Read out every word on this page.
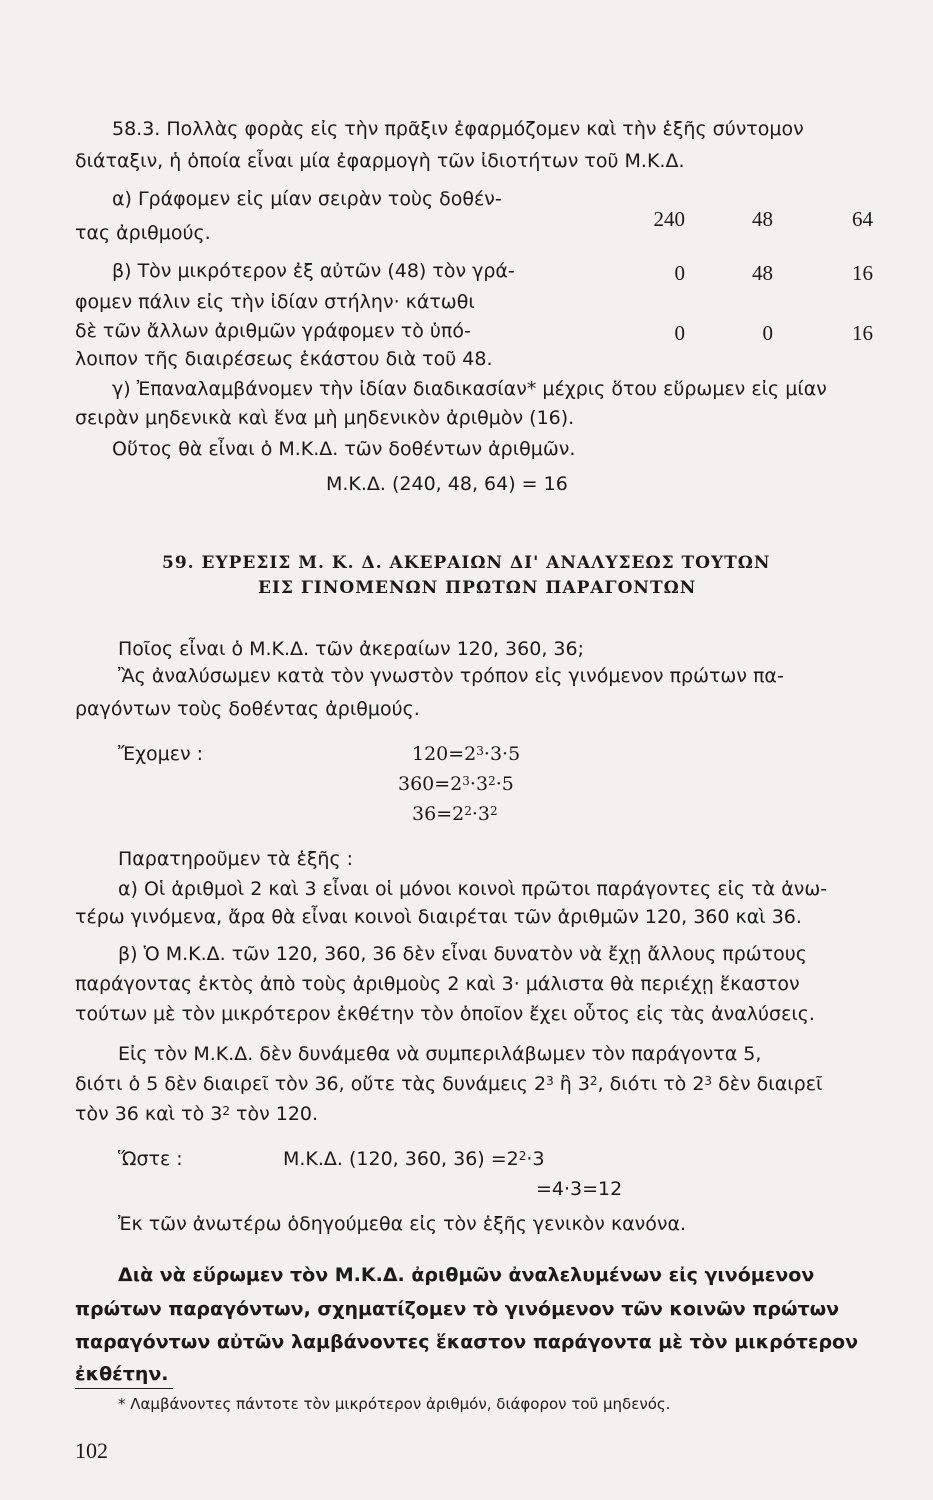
58.3. Πολλὰς φορὰς εἰς τὴν πρᾶξιν ἐφαρμόζομεν καὶ τὴν ἑξῆς σύντομον
διάταξιν, ἡ ὁποία εἶναι μία ἐφαρμογὴ τῶν ἰδιοτήτων τοῦ Μ.Κ.Δ.
α) Γράφομεν εἰς μίαν σειρὰν τοὺς δοθέν-
τας ἀριθμούς.
β) Τὸν μικρότερον ἐξ αὐτῶν (48) τὸν γρά-
φομεν πάλιν εἰς τὴν ἰδίαν στήλην· κάτωθι
δὲ τῶν ἄλλων ἀριθμῶν γράφομεν τὸ ὑπό-
λοιπον τῆς διαιρέσεως ἑκάστου διὰ τοῦ 48.
240	48	64
0	48	16
0	0	16
γ) Ἐπαναλαμβάνομεν τὴν ἰδίαν διαδικασίαν* μέχρις ὅτου εὕρωμεν εἰς μίαν
σειρὰν μηδενικὰ καὶ ἕνα μὴ μηδενικὸν ἀριθμὸν (16).
Οὕτος θὰ εἶναι ὁ Μ.Κ.Δ. τῶν δοθέντων ἀριθμῶν.
Μ.Κ.Δ. (240, 48, 64) = 16
59. ΕΥΡΕΣΙΣ Μ. Κ. Δ. ΑΚΕΡΑΙΩΝ ΔΙ' ΑΝΑΛΥΣΕΩΣ ΤΟΥΤΩΝ
ΕΙΣ ΓΙΝΟΜΕΝΩΝ ΠΡΩΤΩΝ ΠΑΡΑΓΟΝΤΩΝ
Ποῖος εἶναι ὁ Μ.Κ.Δ. τῶν ἀκεραίων 120, 360, 36;
Ἂς ἀναλύσωμεν κατὰ τὸν γνωστὸν τρόπον εἰς γινόμενον πρώτων πα-
ραγόντων τοὺς δοθέντας ἀριθμούς.
Ἔχομεν :	$120=2^3\cdot 3\cdot 5$
$360=2^3\cdot 3^2\cdot 5$
$36=2^2\cdot 3^2$
Παρατηροῦμεν τὰ ἑξῆς :
α) Οἱ ἀριθμοὶ 2 καὶ 3 εἶναι οἱ μόνοι κοινοὶ πρῶτοι παράγοντες εἰς τὰ ἀνω-
τέρω γινόμενα, ἄρα θὰ εἶναι κοινοὶ διαιρέται τῶν ἀριθμῶν 120, 360 καὶ 36.
β) Ὁ Μ.Κ.Δ. τῶν 120, 360, 36 δὲν εἶναι δυνατὸν νὰ ἔχῃ ἄλλους πρώτους
παράγοντας ἐκτὸς ἀπὸ τοὺς ἀριθμοὺς 2 καὶ 3· μάλιστα θὰ περιέχῃ ἕκαστον
τούτων μὲ τὸν μικρότερον ἐκθέτην τὸν ὁποῖον ἔχει οὗτος εἰς τὰς ἀναλύσεις.
Εἰς τὸν Μ.Κ.Δ. δὲν δυνάμεθα νὰ συμπεριλάβωμεν τὸν παράγοντα 5,
διότι ὁ 5 δὲν διαιρεῖ τὸν 36, οὔτε τὰς δυνάμεις $2^3$ ἢ $3^2$, διότι τὸ $2^3$ δὲν διαιρεῖ
τὸν 36 καὶ τὸ $3^2$ τὸν 120.
Ὥστε :	Μ.Κ.Δ. (120, 360, $36) =2^2\cdot 3$
=4·3=12
Ἐκ τῶν ἀνωτέρω ὁδηγούμεθα εἰς τὸν ἑξῆς γενικὸν κανόνα.
Διὰ νὰ εὕρωμεν τὸν Μ.Κ.Δ. ἀριθμῶν ἀναλελυμένων εἰς γινόμενον
πρώτων παραγόντων, σχηματίζομεν τὸ γινόμενον τῶν κοινῶν πρώτων
παραγόντων αὐτῶν λαμβάνοντες ἕκαστον παράγοντα μὲ τὸν μικρότερον
ἐκθέτην.
* Λαμβάνοντες πάντοτε τὸν μικρότερον ἀριθμόν, διάφορον τοῦ μηδενός.
102
